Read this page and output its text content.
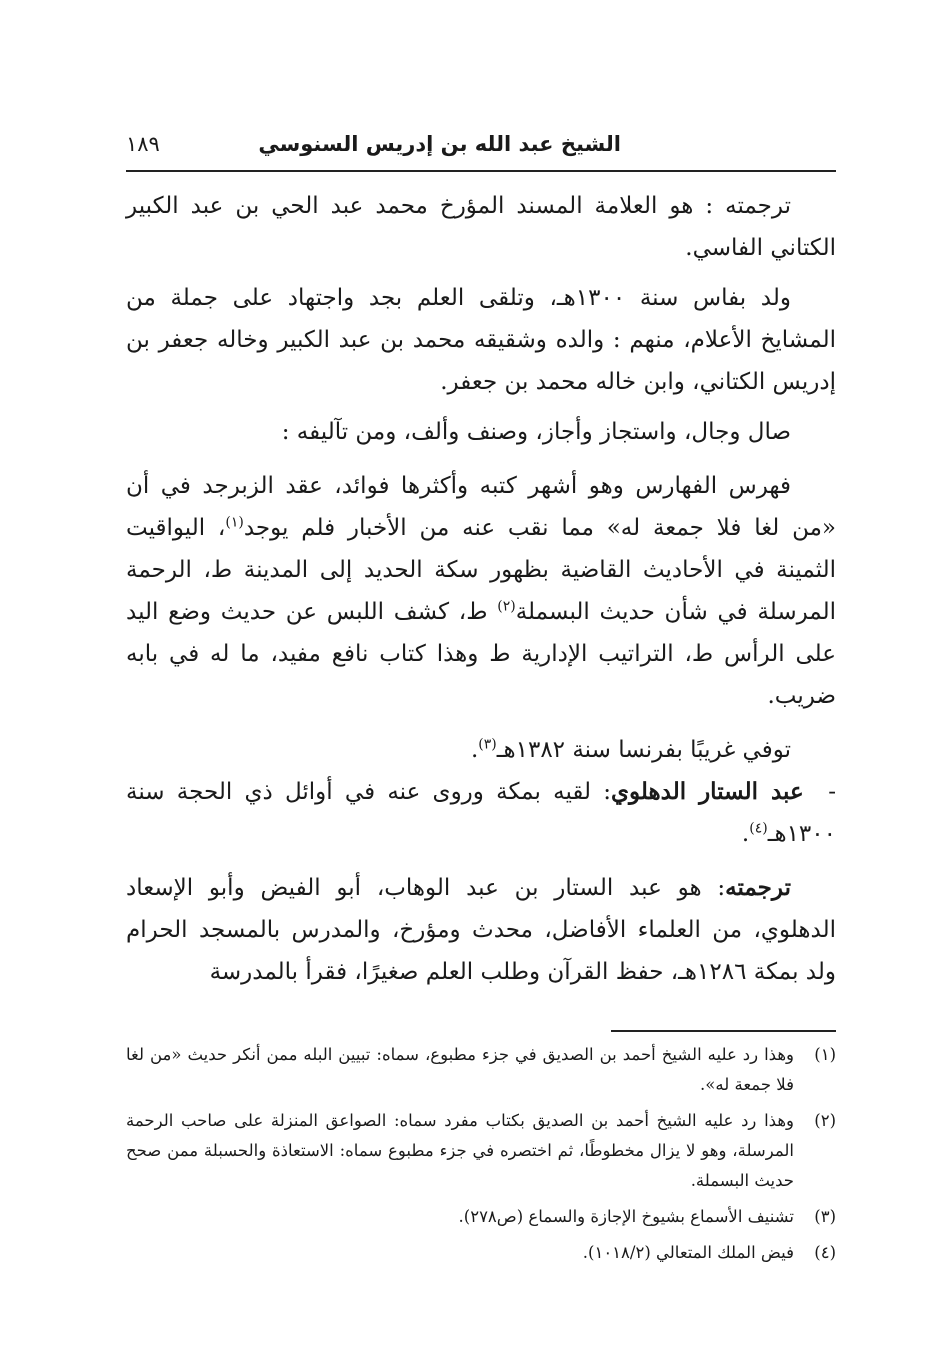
الشيخ عبد الله بن إدريس السنوسي
١٨٩

ترجمته : هو العلامة المسند المؤرخ محمد عبد الحي بن عبد الكبير الكتاني الفاسي.

ولد بفاس سنة ١٣٠٠هـ، وتلقى العلم بجد واجتهاد على جملة من المشايخ الأعلام، منهم : والده وشقيقه محمد بن عبد الكبير وخاله جعفر بن إدريس الكتاني، وابن خاله محمد بن جعفر.

صال وجال، واستجاز وأجاز، وصنف وألف، ومن تآليفه :

فهرس الفهارس وهو أشهر كتبه وأكثرها فوائد، عقد الزبرجد في أن «من لغا فلا جمعة له» مما نقب عنه من الأخبار فلم يوجد$^{(١)}$، اليواقيت الثمينة في الأحاديث القاضية بظهور سكة الحديد إلى المدينة ط، الرحمة المرسلة في شأن حديث البسملة$^{(٢)}$ ط، كشف اللبس عن حديث وضع اليد على الرأس ط، التراتيب الإدارية ط وهذا كتاب نافع مفيد، ما له في بابه ضريب.

توفي غريبًا بفرنسا سنة ١٣٨٢هـ$^{(٣)}$.

-  عبد الستار الدهلوي: لقيه بمكة وروى عنه في أوائل ذي الحجة سنة ١٣٠٠هـ$^{(٤)}$.

ترجمته: هو عبد الستار بن عبد الوهاب، أبو الفيض وأبو الإسعاد الدهلوي، من العلماء الأفاضل، محدث ومؤرخ، والمدرس بالمسجد الحرام ولد بمكة ١٢٨٦هـ، حفظ القرآن وطلب العلم صغيرًا، فقرأ بالمدرسة

(١)
وهذا رد عليه الشيخ أحمد بن الصديق في جزء مطبوع، سماه: تبيين البله ممن أنكر حديث «من لغا فلا جمعة له».
(٢)
وهذا رد عليه الشيخ أحمد بن الصديق بكتاب مفرد سماه: الصواعق المنزلة على صاحب الرحمة المرسلة، وهو لا يزال مخطوطًا، ثم اختصره في جزء مطبوع سماه: الاستعاذة والحسبلة ممن صحح حديث البسملة.
(٣)
تشنيف الأسماع بشيوخ الإجازة والسماع (ص٢٧٨).
(٤)
فيض الملك المتعالي (١٠١٨/٢).
